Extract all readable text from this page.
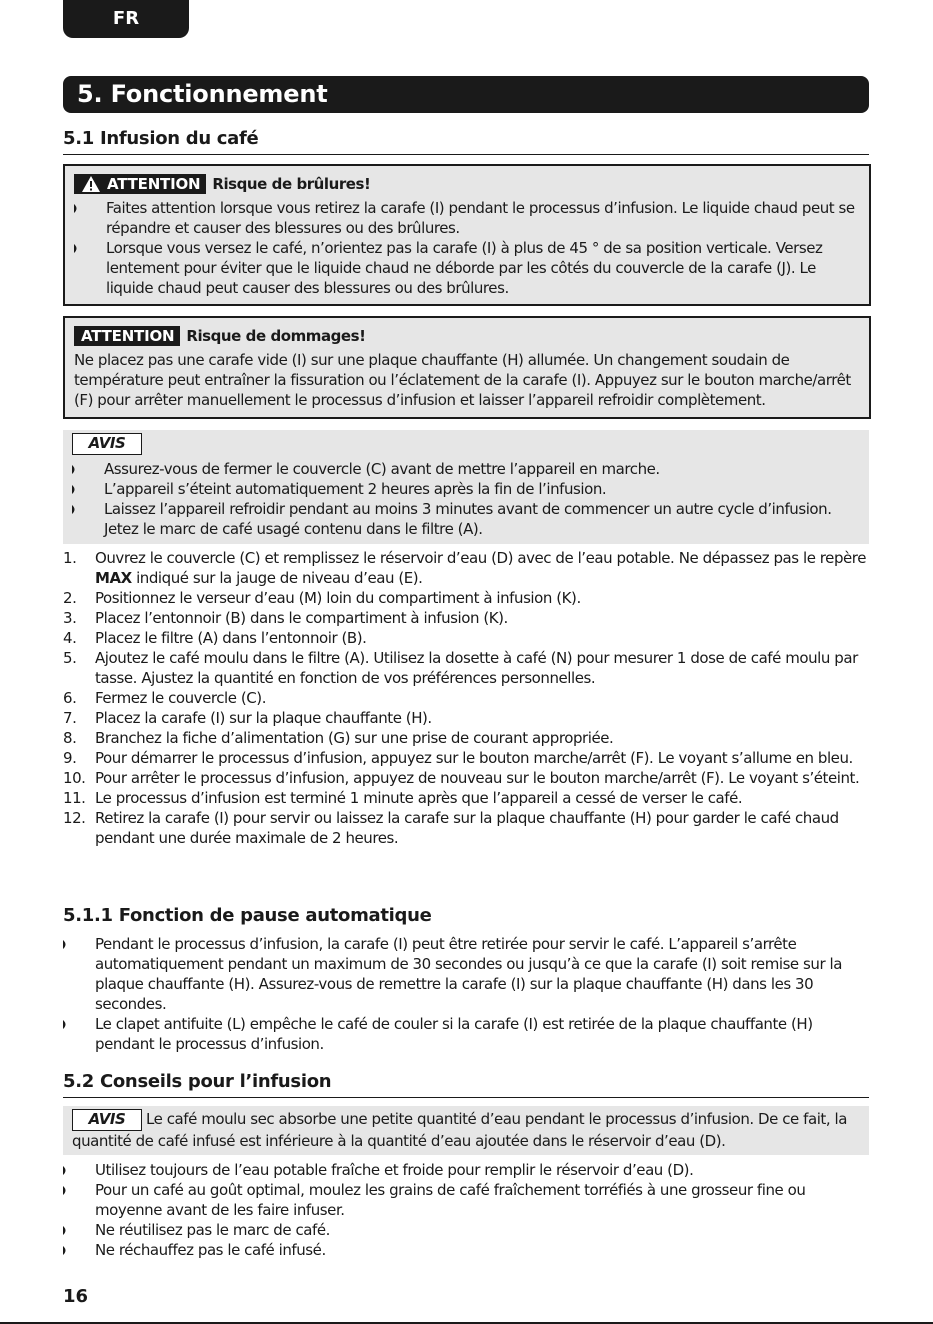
FR
5. Fonctionnement
5.1 Infusion du café
ATTENTION Risque de brûlures!
Faites attention lorsque vous retirez la carafe (I) pendant le processus d’infusion. Le liquide chaud peut se répandre et causer des blessures ou des brûlures.
Lorsque vous versez le café, n’orientez pas la carafe (I) à plus de 45 ° de sa position verticale. Versez lentement pour éviter que le liquide chaud ne déborde par les côtés du couvercle de la carafe (J). Le liquide chaud peut causer des blessures ou des brûlures.
ATTENTION Risque de dommages!

Ne placez pas une carafe vide (I) sur une plaque chauffante (H) allumée. Un changement soudain de température peut entraîner la fissuration ou l’éclatement de la carafe (I). Appuyez sur le bouton marche/arrêt (F) pour arrêter manuellement le processus d’infusion et laisser l’appareil refroidir complètement.

AVIS
Assurez-vous de fermer le couvercle (C) avant de mettre l’appareil en marche.
L’appareil s’éteint automatiquement 2 heures après la fin de l’infusion.
Laissez l’appareil refroidir pendant au moins 3 minutes avant de commencer un autre cycle d’infusion. Jetez le marc de café usagé contenu dans le filtre (A).
1. Ouvrez le couvercle (C) et remplissez le réservoir d’eau (D) avec de l’eau potable. Ne dépassez pas le repère MAX indiqué sur la jauge de niveau d’eau (E).
2. Positionnez le verseur d’eau (M) loin du compartiment à infusion (K).
3. Placez l’entonnoir (B) dans le compartiment à infusion (K).
4. Placez le filtre (A) dans l’entonnoir (B).
5. Ajoutez le café moulu dans le filtre (A). Utilisez la dosette à café (N) pour mesurer 1 dose de café moulu par tasse. Ajustez la quantité en fonction de vos préférences personnelles.
6. Fermez le couvercle (C).
7. Placez la carafe (I) sur la plaque chauffante (H).
8. Branchez la fiche d’alimentation (G) sur une prise de courant appropriée.
9. Pour démarrer le processus d’infusion, appuyez sur le bouton marche/arrêt (F). Le voyant s’allume en bleu.
10. Pour arrêter le processus d’infusion, appuyez de nouveau sur le bouton marche/arrêt (F). Le voyant s’éteint.
11. Le processus d’infusion est terminé 1 minute après que l’appareil a cessé de verser le café.
12. Retirez la carafe (I) pour servir ou laissez la carafe sur la plaque chauffante (H) pour garder le café chaud pendant une durée maximale de 2 heures.
5.1.1 Fonction de pause automatique
Pendant le processus d’infusion, la carafe (I) peut être retirée pour servir le café. L’appareil s’arrête automatiquement pendant un maximum de 30 secondes ou jusqu’à ce que la carafe (I) soit remise sur la plaque chauffante (H). Assurez-vous de remettre la carafe (I) sur la plaque chauffante (H) dans les 30 secondes.
Le clapet antifuite (L) empêche le café de couler si la carafe (I) est retirée de la plaque chauffante (H) pendant le processus d’infusion.
5.2 Conseils pour l’infusion

AVIS Le café moulu sec absorbe une petite quantité d’eau pendant le processus d’infusion. De ce fait, la quantité de café infusé est inférieure à la quantité d’eau ajoutée dans le réservoir d’eau (D).

Utilisez toujours de l’eau potable fraîche et froide pour remplir le réservoir d’eau (D).
Pour un café au goût optimal, moulez les grains de café fraîchement torréfiés à une grosseur fine ou moyenne avant de les faire infuser.
Ne réutilisez pas le marc de café.
Ne réchauffez pas le café infusé.
16
